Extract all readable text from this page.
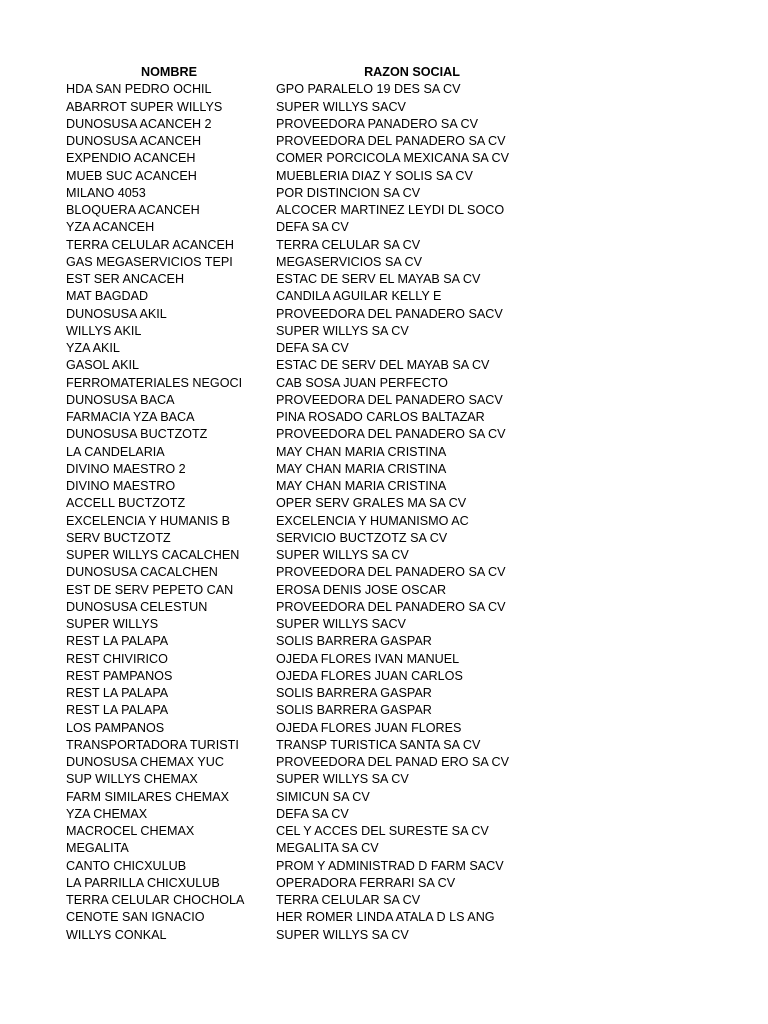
NOMBRE	RAZON SOCIAL
HDA SAN PEDRO OCHIL	GPO PARALELO 19 DES SA CV
ABARROT SUPER WILLYS	SUPER WILLYS SACV
DUNOSUSA ACANCEH 2	PROVEEDORA PANADERO SA CV
DUNOSUSA ACANCEH	PROVEEDORA DEL PANADERO SA CV
EXPENDIO ACANCEH	COMER PORCICOLA MEXICANA SA CV
MUEB SUC ACANCEH	MUEBLERIA DIAZ Y SOLIS SA CV
MILANO 4053	POR DISTINCION SA CV
BLOQUERA ACANCEH	ALCOCER MARTINEZ LEYDI DL SOCO
YZA ACANCEH	DEFA SA CV
TERRA CELULAR ACANCEH	TERRA CELULAR SA CV
GAS MEGASERVICIOS TEPI	MEGASERVICIOS SA CV
EST SER ANCACEH	ESTAC DE SERV EL MAYAB SA CV
MAT BAGDAD	CANDILA AGUILAR KELLY E
DUNOSUSA AKIL	PROVEEDORA DEL PANADERO SACV
WILLYS AKIL	SUPER WILLYS SA CV
YZA AKIL	DEFA SA CV
GASOL AKIL	ESTAC DE SERV DEL MAYAB SA CV
FERROMATERIALES NEGOCI	CAB SOSA JUAN PERFECTO
DUNOSUSA BACA	PROVEEDORA DEL PANADERO SACV
FARMACIA YZA BACA	PINA ROSADO CARLOS BALTAZAR
DUNOSUSA BUCTZOTZ	PROVEEDORA DEL PANADERO SA CV
LA CANDELARIA	MAY CHAN MARIA CRISTINA
DIVINO MAESTRO 2	MAY CHAN MARIA CRISTINA
DIVINO MAESTRO	MAY CHAN MARIA CRISTINA
ACCELL BUCTZOTZ	OPER SERV GRALES MA SA CV
EXCELENCIA Y HUMANIS B	EXCELENCIA Y HUMANISMO AC
SERV BUCTZOTZ	SERVICIO BUCTZOTZ SA CV
SUPER WILLYS CACALCHEN	SUPER WILLYS SA CV
DUNOSUSA CACALCHEN	PROVEEDORA DEL PANADERO SA CV
EST DE SERV PEPETO CAN	EROSA DENIS JOSE OSCAR
DUNOSUSA CELESTUN	PROVEEDORA DEL PANADERO SA CV
SUPER WILLYS	SUPER WILLYS SACV
REST LA PALAPA	SOLIS BARRERA GASPAR
REST CHIVIRICO	OJEDA FLORES IVAN MANUEL
REST PAMPANOS	OJEDA FLORES JUAN CARLOS
REST LA PALAPA	SOLIS BARRERA GASPAR
REST LA PALAPA	SOLIS BARRERA GASPAR
LOS PAMPANOS	OJEDA FLORES JUAN FLORES
TRANSPORTADORA TURISTI	TRANSP TURISTICA SANTA SA CV
DUNOSUSA CHEMAX YUC	PROVEEDORA DEL PANAD ERO SA CV
SUP WILLYS CHEMAX	SUPER WILLYS SA CV
FARM SIMILARES CHEMAX	SIMICUN SA CV
YZA CHEMAX	DEFA SA CV
MACROCEL CHEMAX	CEL Y ACCES DEL SURESTE SA CV
MEGALITA	MEGALITA SA CV
CANTO CHICXULUB	PROM Y ADMINISTRAD D FARM SACV
LA PARRILLA CHICXULUB	OPERADORA FERRARI SA CV
TERRA CELULAR CHOCHOLA	TERRA CELULAR SA CV
CENOTE SAN IGNACIO	HER ROMER LINDA ATALA D LS ANG
WILLYS CONKAL	SUPER WILLYS SA CV
